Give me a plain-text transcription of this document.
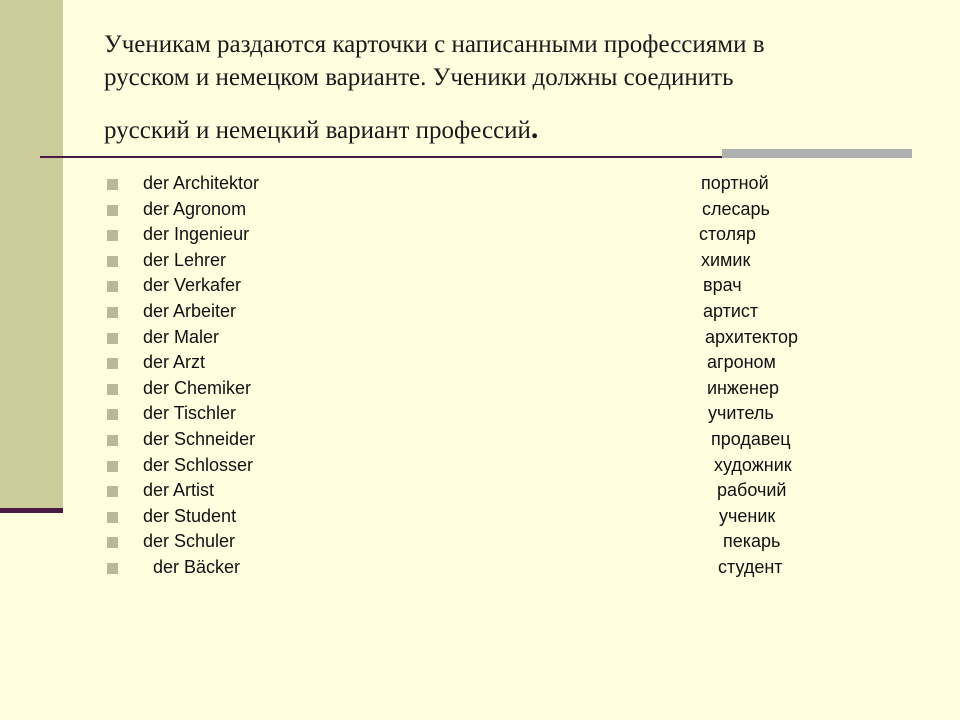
Ученикам раздаются карточки с написанными профессиями в
русском и немецком варианте. Ученики должны соединить
русский и немецкий вариант профессий.
der Architektor	портной
der Agronom	слесарь
der Ingenieur	столяр
der Lehrer	химик
der Verkafer	врач
der Arbeiter	артист
der Maler	архитектор
der Arzt	агроном
der Chemiker	инженер
der Tischler	учитель
der Schneider	продавец
der Schlosser	художник
der Artist	рабочий
der Student	ученик
der Schuler	пекарь
der Bäcker	студент
